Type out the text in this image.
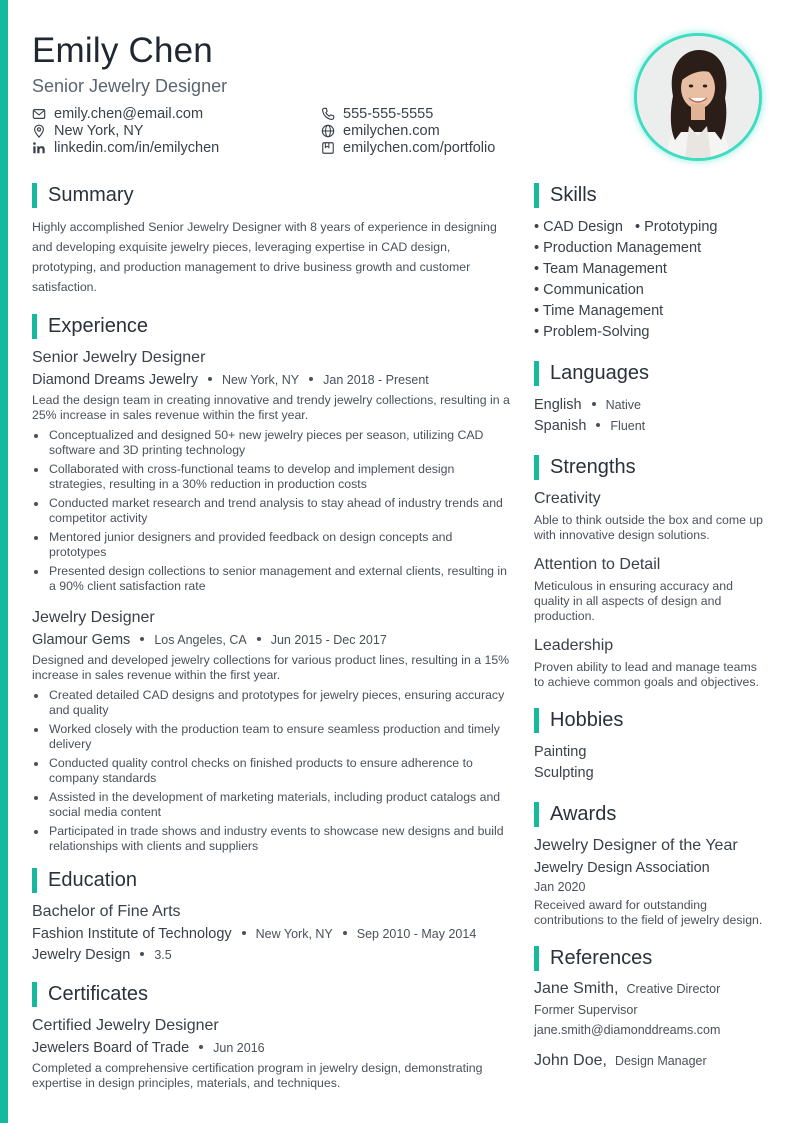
Emily Chen
Senior Jewelry Designer
emily.chen@email.com	555-555-5555
New York, NY	emilychen.com
linkedin.com/in/emilychen	emilychen.com/portfolio
Summary

Highly accomplished Senior Jewelry Designer with 8 years of experience in designing and developing exquisite jewelry pieces, leveraging expertise in CAD design, prototyping, and production management to drive business growth and customer satisfaction.

Experience
Senior Jewelry Designer
Diamond Dreams Jewelry New York, NY Jan 2018 - Present
Lead the design team in creating innovative and trendy jewelry collections, resulting in a 25% increase in sales revenue within the first year.
Conceptualized and designed 50+ new jewelry pieces per season, utilizing CAD software and 3D printing technology
Collaborated with cross-functional teams to develop and implement design strategies, resulting in a 30% reduction in production costs
Conducted market research and trend analysis to stay ahead of industry trends and competitor activity
Mentored junior designers and provided feedback on design concepts and prototypes
Presented design collections to senior management and external clients, resulting in a 90% client satisfaction rate
Jewelry Designer
Glamour Gems Los Angeles, CA Jun 2015 - Dec 2017
Designed and developed jewelry collections for various product lines, resulting in a 15% increase in sales revenue within the first year.
Created detailed CAD designs and prototypes for jewelry pieces, ensuring accuracy and quality
Worked closely with the production team to ensure seamless production and timely delivery
Conducted quality control checks on finished products to ensure adherence to company standards
Assisted in the development of marketing materials, including product catalogs and social media content
Participated in trade shows and industry events to showcase new designs and build relationships with clients and suppliers
Education
Bachelor of Fine Arts
Fashion Institute of Technology New York, NY Sep 2010 - May 2014
Jewelry Design 3.5
Certificates
Certified Jewelry Designer
Jewelers Board of Trade Jun 2016
Completed a comprehensive certification program in jewelry design, demonstrating expertise in design principles, materials, and techniques.
Skills
• CAD Design   • Prototyping
• Production Management
• Team Management
• Communication
• Time Management
• Problem-Solving
Languages
English Native
Spanish Fluent
Strengths
Creativity
Able to think outside the box and come up with innovative design solutions.
Attention to Detail
Meticulous in ensuring accuracy and quality in all aspects of design and production.
Leadership
Proven ability to lead and manage teams to achieve common goals and objectives.
Hobbies
Painting
Sculpting
Awards
Jewelry Designer of the Year
Jewelry Design Association
Jan 2020
Received award for outstanding contributions to the field of jewelry design.
References
Jane Smith, Creative Director
Former Supervisor
jane.smith@diamonddreams.com
John Doe, Design Manager
